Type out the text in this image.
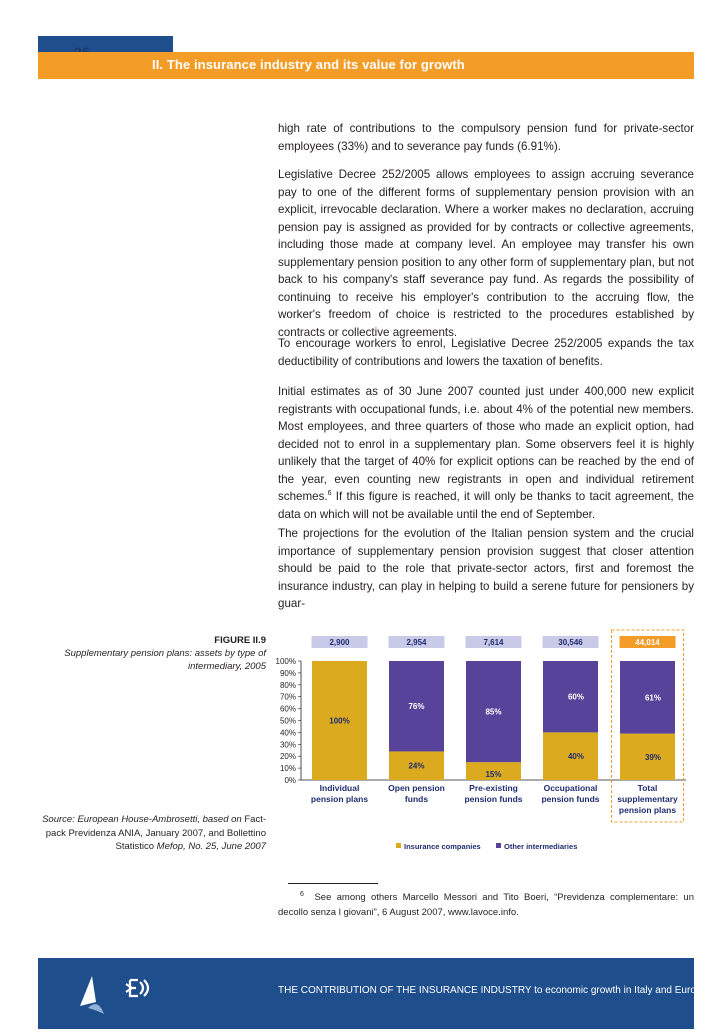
II. The insurance industry and its value for growth

high rate of contributions to the compulsory pension fund for private-sector employees (33%) and to severance pay funds (6.91%).

Legislative Decree 252/2005 allows employees to assign accruing severance pay to one of the different forms of supplementary pension provision with an explicit, irrevocable declaration. Where a worker makes no declaration, accruing pension pay is assigned as provided for by contracts or collective agreements, including those made at company level. An employee may transfer his own supplementary pension position to any other form of supplementary plan, but not back to his company's staff severance pay fund. As regards the possibility of continuing to receive his employer's contribution to the accruing flow, the worker's freedom of choice is restricted to the procedures established by contracts or collective agreements.

To encourage workers to enrol, Legislative Decree 252/2005 expands the tax deductibility of contributions and lowers the taxation of benefits.

Initial estimates as of 30 June 2007 counted just under 400,000 new explicit registrants with occupational funds, i.e. about 4% of the potential new members. Most employees, and three quarters of those who made an explicit option, had decided not to enrol in a supplementary plan. Some observers feel it is highly unlikely that the target of 40% for explicit options can be reached by the end of the year, even counting new registrants in open and individual retirement schemes.$^6$ If this figure is reached, it will only be thanks to tacit agreement, the data on which will not be available until the end of September.

The projections for the evolution of the Italian pension system and the crucial importance of supplementary pension provision suggest that closer attention should be paid to the role that private-sector actors, first and foremost the insurance industry, can play in helping to build a serene future for pensioners by guar-

FIGURE II.9
Supplementary pension plans: assets by type of intermediary, 2005
Source: European House-Ambrosetti, based on Fact-pack Previdenza ANIA, January 2007, and Bollettino Statistico Mefop, No. 25, June 2007
0%
10%
20%
30%
40%
50%
60%
70%
80%
90%
100%
100%
2,900
Individual
pension plans
24%
76%
2,954
Open pension
funds
15%
85%
7,614
Pre-existing
pension funds
40%
60%
30,546
Occupational
pension funds
39%
61%
44,014
Total
supplementary
pension plans
Insurance companies	Other intermediaries
$^6$ See among others Marcello Messori and Tito Boeri, “Previdenza complementare: un decollo senza l giovani”, 6 August 2007, www.lavoce.info.
THE CONTRIBUTION OF THE INSURANCE INDUSTRY to economic growth in Italy and Europe
